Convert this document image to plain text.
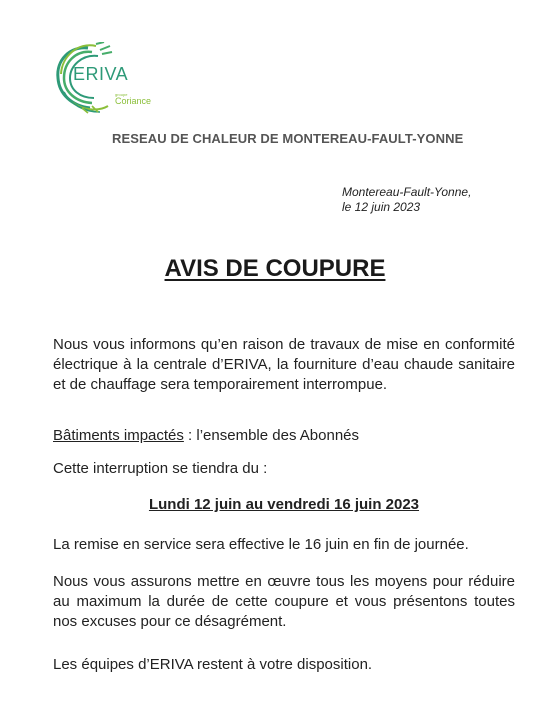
ERIVA
groupe
Coriance
RESEAU DE CHALEUR DE MONTEREAU-FAULT-YONNE
Montereau-Fault-Yonne,
le 12 juin 2023
AVIS DE COUPURE
Nous vous informons qu’en raison de travaux de mise en conformité électrique à la centrale d’ERIVA, la fourniture d’eau chaude sanitaire et de chauffage sera temporairement interrompue.
Bâtiments impactés : l’ensemble des Abonnés
Cette interruption se tiendra du :
Lundi 12 juin au vendredi 16 juin 2023
La remise en service sera effective le 16 juin en fin de journée.
Nous vous assurons mettre en œuvre tous les moyens pour réduire au maximum la durée de cette coupure et vous présentons toutes nos excuses pour ce désagrément.
Les équipes d’ERIVA restent à votre disposition.
